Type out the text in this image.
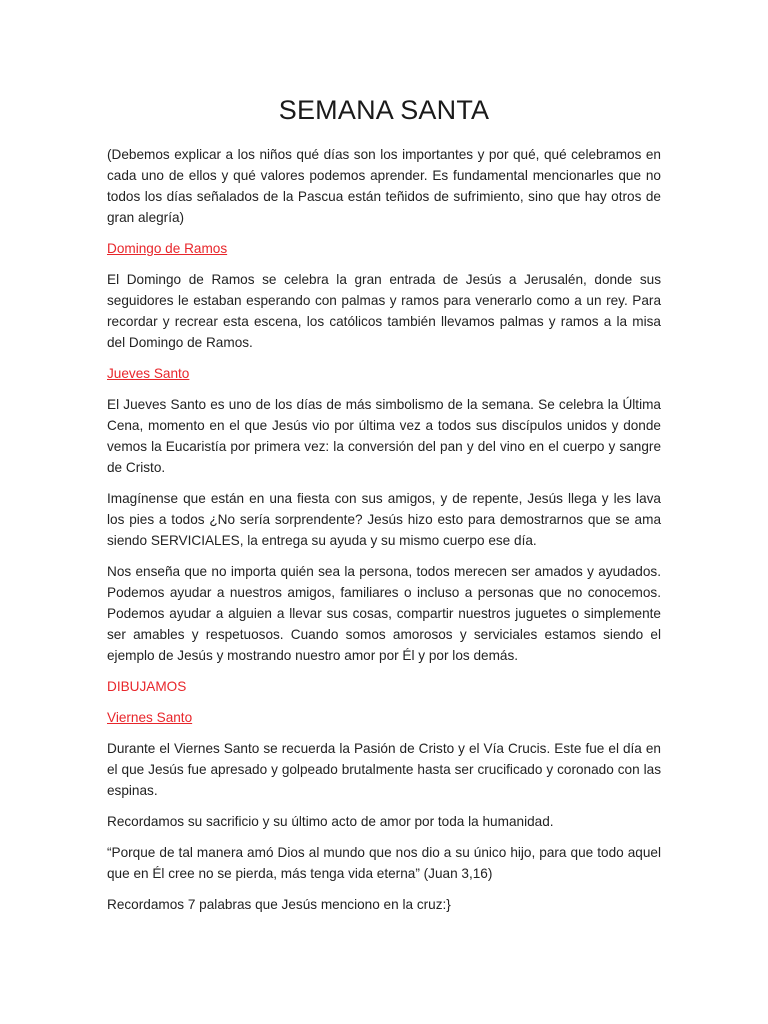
SEMANA SANTA

(Debemos explicar a los niños qué días son los importantes y por qué, qué celebramos en cada uno de ellos y qué valores podemos aprender. Es fundamental mencionarles que no todos los días señalados de la Pascua están teñidos de sufrimiento, sino que hay otros de gran alegría)

Domingo de Ramos

El Domingo de Ramos se celebra la gran entrada de Jesús a Jerusalén, donde sus seguidores le estaban esperando con palmas y ramos para venerarlo como a un rey. Para recordar y recrear esta escena, los católicos también llevamos palmas y ramos a la misa del Domingo de Ramos.

Jueves Santo

El Jueves Santo es uno de los días de más simbolismo de la semana. Se celebra la Última Cena, momento en el que Jesús vio por última vez a todos sus discípulos unidos y donde vemos la Eucaristía por primera vez: la conversión del pan y del vino en el cuerpo y sangre de Cristo.

Imagínense que están en una fiesta con sus amigos, y de repente, Jesús llega y les lava los pies a todos ¿No sería sorprendente? Jesús hizo esto para demostrarnos que se ama siendo SERVICIALES, la entrega su ayuda y su mismo cuerpo ese día.

Nos enseña que no importa quién sea la persona, todos merecen ser amados y ayudados. Podemos ayudar a nuestros amigos, familiares o incluso a personas que no conocemos. Podemos ayudar a alguien a llevar sus cosas, compartir nuestros juguetes o simplemente ser amables y respetuosos. Cuando somos amorosos y serviciales estamos siendo el ejemplo de Jesús y mostrando nuestro amor por Él y por los demás.

DIBUJAMOS
Viernes Santo

Durante el Viernes Santo se recuerda la Pasión de Cristo y el Vía Crucis. Este fue el día en el que Jesús fue apresado y golpeado brutalmente hasta ser crucificado y coronado con las espinas.

Recordamos su sacrificio y su último acto de amor por toda la humanidad.

“Porque de tal manera amó Dios al mundo que nos dio a su único hijo, para que todo aquel que en Él cree no se pierda, más tenga vida eterna” (Juan 3,16)

Recordamos 7 palabras que Jesús menciono en la cruz:}
